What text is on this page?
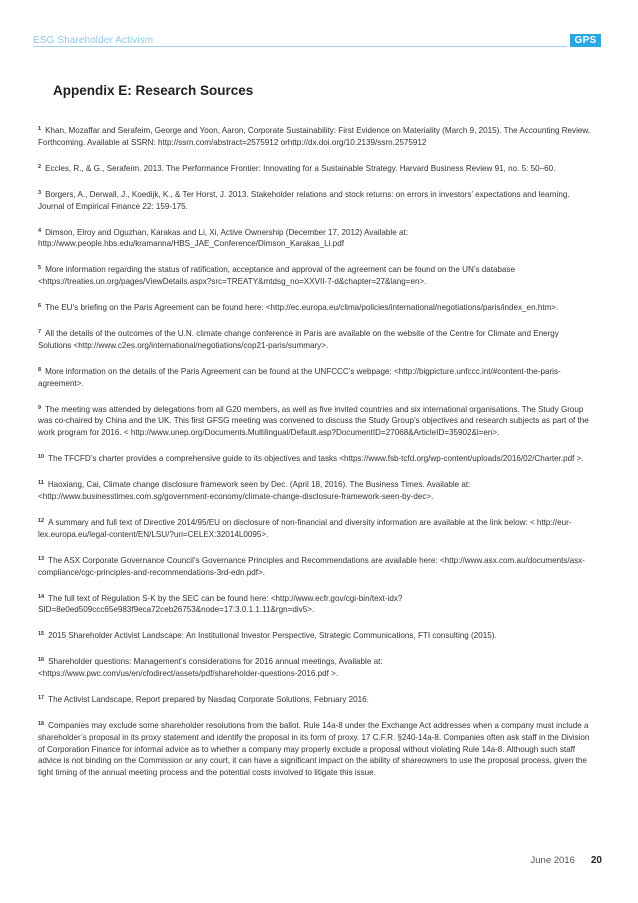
ESG Shareholder Activism	GPS
Appendix E: Research Sources
$^1$ Khan, Mozaffar and Serafeim, George and Yoon, Aaron, Corporate Sustainability: First Evidence on Materiality (March 9, 2015). The Accounting Review, Forthcoming. Available at SSRN: http://ssrn.com/abstract=2575912 orhttp://dx.doi.org/10.2139/ssrn.2575912
$^2$ Eccles, R., & G., Serafeim. 2013. The Performance Frontier: Innovating for a Sustainable Strategy. Harvard Business Review 91, no. 5: 50–60.
$^3$ Borgers, A., Derwall, J., Koedijk, K., & Ter Horst, J. 2013. Stakeholder relations and stock returns: on errors in investors’ expectations and learning. Journal of Empirical Finance 22: 159-175.
$^4$ Dimson, Elroy and Oguzhan, Karakas and Li, Xi, Active Ownership (December 17, 2012) Available at: http://www.people.hbs.edu/kramanna/HBS_JAE_Conference/Dimson_Karakas_Li.pdf
$^5$ More information regarding the status of ratification, acceptance and approval of the agreement can be found on the UN’s database <https://treaties.un.org/pages/ViewDetails.aspx?src=TREATY&mtdsg_no=XXVII-7-d&chapter=27&lang=en>.
$^6$ The EU’s briefing on the Paris Agreement can be found here: <http://ec.europa.eu/clima/policies/international/negotiations/paris/index_en.htm>.
$^7$ All the details of the outcomes of the U.N. climate change conference in Paris are available on the website of the Centre for Climate and Energy Solutions <http://www.c2es.org/international/negotiations/cop21-paris/summary>.
$^8$ More information on the details of the Paris Agreement can be found at the UNFCCC’s webpage: <http://bigpicture.unfccc.int/#content-the-paris-agreement>.
$^9$ The meeting was attended by delegations from all G20 members, as well as five invited countries and six international organisations. The Study Group was co-chaired by China and the UK. This first GFSG meeting was convened to discuss the Study Group’s objectives and research subjects as part of the work program for 2016. < http://www.unep.org/Documents.Multilingual/Default.asp?DocumentID=27068&ArticleID=35902&l=en>.
$^{10}$ The TFCFD’s charter provides a comprehensive guide to its objectives and tasks <https://www.fsb-tcfd.org/wp-content/uploads/2016/02/Charter.pdf >.
$^{11}$ Haoxiang, Cai, Climate change disclosure framework seen by Dec. (April 18, 2016). The Business Times. Available at: <http://www.businesstimes.com.sg/government-economy/climate-change-disclosure-framework-seen-by-dec>.
$^{12}$ A summary and full text of Directive 2014/95/EU on disclosure of non-financial and diversity information are available at the link below: < http://eur-lex.europa.eu/legal-content/EN/LSU/?uri=CELEX:32014L0095>.
$^{13}$ The ASX Corporate Governance Council’s Governance Principles and Recommendations are available here: <http://www.asx.com.au/documents/asx-compliance/cgc-principles-and-recommendations-3rd-edn.pdf>.
$^{14}$ The full text of Regulation S-K by the SEC can be found here: <http://www.ecfr.gov/cgi-bin/text-idx?SID=8e0ed509ccc65e983f9eca72ceb26753&node=17:3.0.1.1.11&rgn=div5>.
$^{15}$ 2015 Shareholder Activist Landscape: An Institutional Investor Perspective, Strategic Communications, FTI consulting (2015).
$^{16}$ Shareholder questions: Management’s considerations for 2016 annual meetings, Available at: <https://www.pwc.com/us/en/cfodirect/assets/pdf/shareholder-questions-2016.pdf >.
$^{17}$ The Activist Landscape, Report prepared by Nasdaq Corporate Solutions, February 2016.
$^{18}$ Companies may exclude some shareholder resolutions from the ballot. Rule 14a-8 under the Exchange Act addresses when a company must include a shareholder’s proposal in its proxy statement and identify the proposal in its form of proxy. 17 C.F.R. §240-14a-8. Companies often ask staff in the Division of Corporation Finance for informal advice as to whether a company may properly exclude a proposal without violating Rule 14a-8. Although such staff advice is not binding on the Commission or any court, it can have a significant impact on the ability of shareowners to use the proposal process, given the tight timing of the annual meeting process and the potential costs involved to litigate this issue.
June 2016 20
